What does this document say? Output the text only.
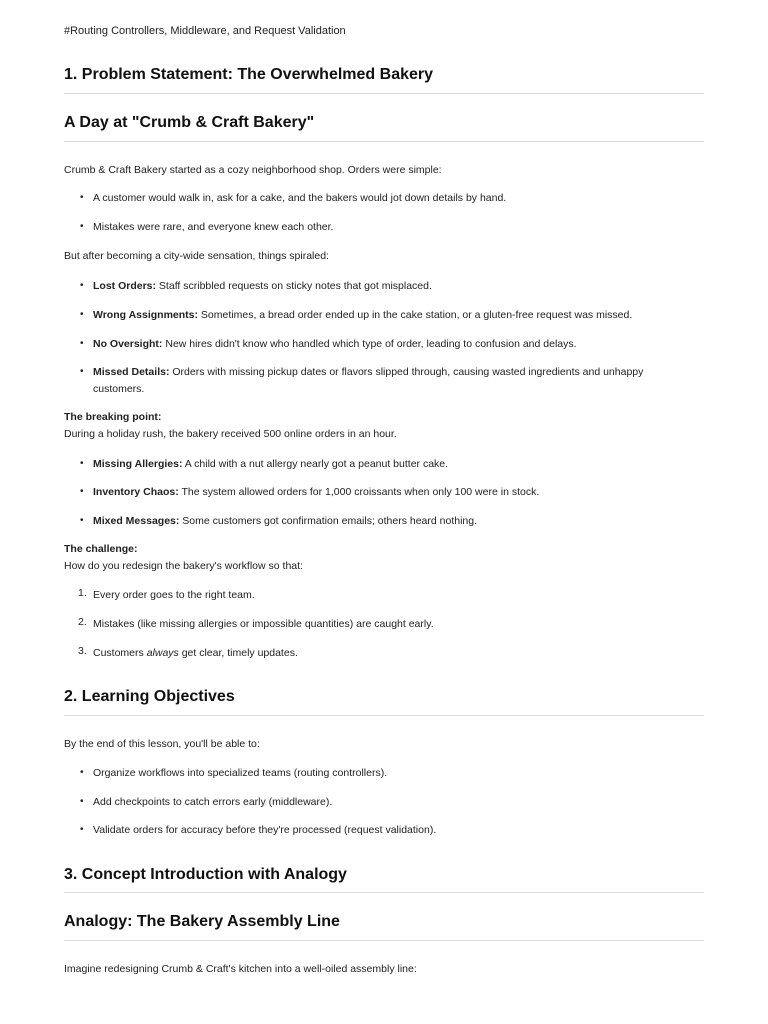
#Routing Controllers, Middleware, and Request Validation
1. Problem Statement: The Overwhelmed Bakery
A Day at "Crumb & Craft Bakery"
Crumb & Craft Bakery started as a cozy neighborhood shop. Orders were simple:
• A customer would walk in, ask for a cake, and the bakers would jot down details by hand.
• Mistakes were rare, and everyone knew each other.
But after becoming a city-wide sensation, things spiraled:
• Lost Orders: Staff scribbled requests on sticky notes that got misplaced.
• Wrong Assignments: Sometimes, a bread order ended up in the cake station, or a gluten-free request was missed.
• No Oversight: New hires didn't know who handled which type of order, leading to confusion and delays.
• Missed Details: Orders with missing pickup dates or flavors slipped through, causing wasted ingredients and unhappy customers.
The breaking point:
During a holiday rush, the bakery received 500 online orders in an hour.
• Missing Allergies: A child with a nut allergy nearly got a peanut butter cake.
• Inventory Chaos: The system allowed orders for 1,000 croissants when only 100 were in stock.
• Mixed Messages: Some customers got confirmation emails; others heard nothing.
The challenge:
How do you redesign the bakery's workflow so that:
1. Every order goes to the right team.
2. Mistakes (like missing allergies or impossible quantities) are caught early.
3. Customers always get clear, timely updates.
2. Learning Objectives
By the end of this lesson, you'll be able to:
• Organize workflows into specialized teams (routing controllers).
• Add checkpoints to catch errors early (middleware).
• Validate orders for accuracy before they're processed (request validation).
3. Concept Introduction with Analogy
Analogy: The Bakery Assembly Line
Imagine redesigning Crumb & Craft's kitchen into a well-oiled assembly line:
